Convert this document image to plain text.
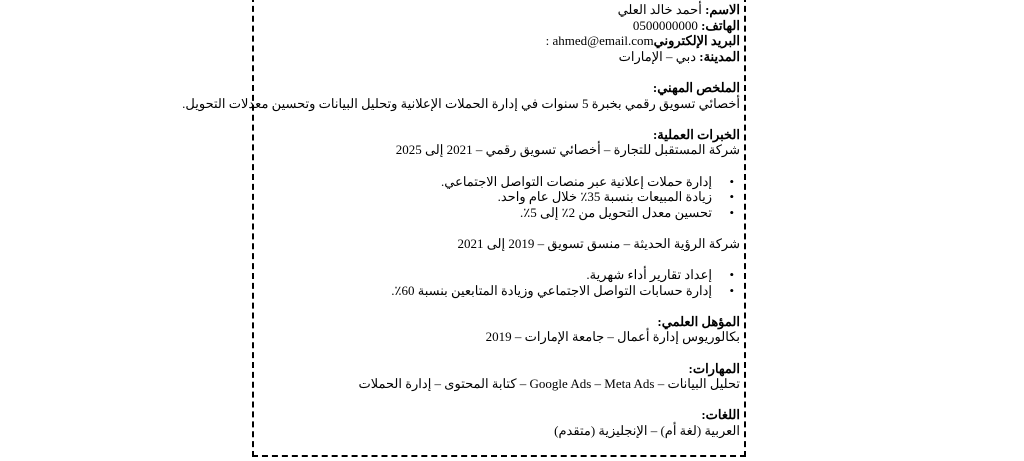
الاسم: أحمد خالد العلي
الهاتف: 0500000000
البريد الإلكترونيahmed@email.com :
المدينة: دبي – الإمارات
الملخص المهني:
أخصائي تسويق رقمي بخبرة 5 سنوات في إدارة الحملات الإعلانية وتحليل البيانات وتحسين معدلات التحويل.
الخبرات العملية:
شركة المستقبل للتجارة – أخصائي تسويق رقمي – 2021 إلى 2025
• إدارة حملات إعلانية عبر منصات التواصل الاجتماعي.
• زيادة المبيعات بنسبة 35٪ خلال عام واحد.
• تحسين معدل التحويل من 2٪ إلى 5٪.
شركة الرؤية الحديثة – منسق تسويق – 2019 إلى 2021
• إعداد تقارير أداء شهرية.
• إدارة حسابات التواصل الاجتماعي وزيادة المتابعين بنسبة 60٪.
المؤهل العلمي:
بكالوريوس إدارة أعمال – جامعة الإمارات – 2019
المهارات:
تحليل البيانات – Google Ads – Meta Ads – كتابة المحتوى – إدارة الحملات
اللغات:
العربية (لغة أم) – الإنجليزية (متقدم)
